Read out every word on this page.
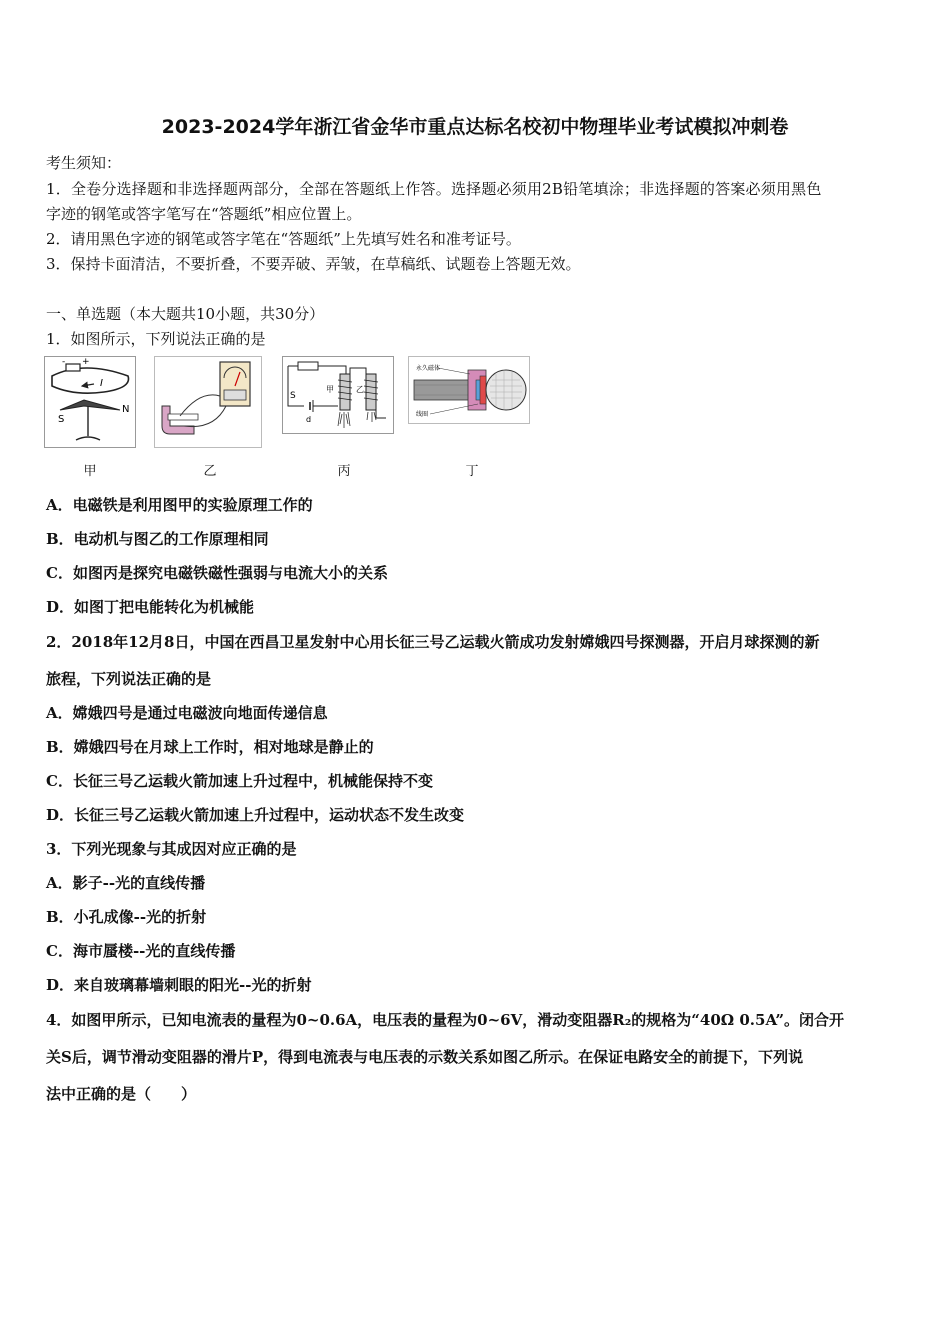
2023-2024学年浙江省金华市重点达标名校初中物理毕业考试模拟冲刺卷
考生须知：
1．全卷分选择题和非选择题两部分，全部在答题纸上作答。选择题必须用2B铅笔填涂；非选择题的答案必须用黑色
字迹的钢笔或答字笔写在“答题纸”相应位置上。
2．请用黑色字迹的钢笔或答字笔在“答题纸”上先填写姓名和准考证号。
3．保持卡面清洁，不要折叠，不要弄破、弄皱，在草稿纸、试题卷上答题无效。
一、单选题（本大题共10小题，共30分）
1．如图所示，下列说法正确的是
- +
I
S
N
甲	乙
S
d
甲	乙
丙
永久磁体
线圈
丁
A．电磁铁是利用图甲的实验原理工作的
B．电动机与图乙的工作原理相同
C．如图丙是探究电磁铁磁性强弱与电流大小的关系
D．如图丁把电能转化为机械能
2．2018年12月8日，中国在西昌卫星发射中心用长征三号乙运载火箭成功发射嫦娥四号探测器，开启月球探测的新
旅程，下列说法正确的是
A．嫦娥四号是通过电磁波向地面传递信息
B．嫦娥四号在月球上工作时，相对地球是静止的
C．长征三号乙运载火箭加速上升过程中，机械能保持不变
D．长征三号乙运载火箭加速上升过程中，运动状态不发生改变
3．下列光现象与其成因对应正确的是
A．影子--光的直线传播
B．小孔成像--光的折射
C．海市蜃楼--光的直线传播
D．来自玻璃幕墙刺眼的阳光--光的折射
4．如图甲所示，已知电流表的量程为0~0.6A，电压表的量程为0~6V，滑动变阻器R₂的规格为“40Ω 0.5A”。闭合开
关S后，调节滑动变阻器的滑片P，得到电流表与电压表的示数关系如图乙所示。在保证电路安全的前提下，下列说
法中正确的是（　　）
